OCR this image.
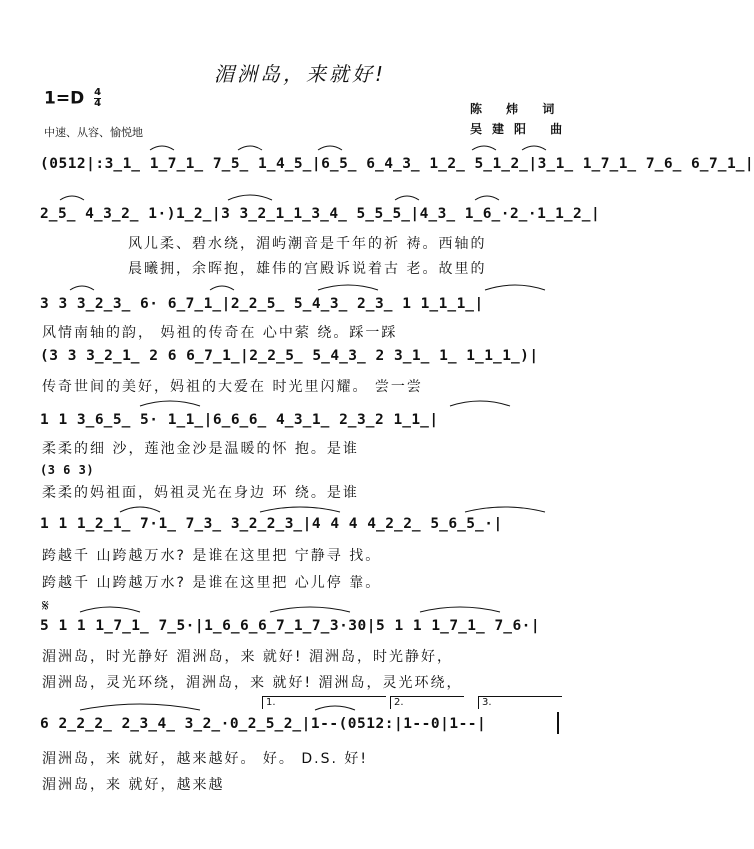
湄洲岛，来就好!
$1=D \frac{4}{4}$
中速、从容、愉悦地
陈 炜 词
吴建阳 曲
(0512|:3̲1̲ 1̲7̲1̲ 7̲5̲ 1̲4̲5̲|6̲5̲ 6̲4̲3̲ 1̲2̲ 5̲1̲2̲|3̲1̲ 1̲7̲1̲ 7̲6̲ 6̲7̲1̲|
2̲5̲ 4̲3̲2̲ 1·)1̲2̲|3 3̲2̲1̲1̲3̲4̲ 5̲5̲5̲|4̲3̲ 1̲6̲·2̲·1̲1̲2̲|
风儿柔、碧水绕，湄屿潮音是千年的祈 祷。西轴的
晨曦拥，余晖抱，雄伟的宫殿诉说着古 老。故里的
3 3 3̲2̲3̲ 6· 6̲7̲1̲|2̲2̲5̲ 5̲4̲3̲ 2̲3̲ 1 1̲1̲1̲|
风情南轴的韵， 妈祖的传奇在 心中萦 绕。踩一踩
(3 3 3̲2̲1̲ 2 6 6̲7̲1̲|2̲2̲5̲ 5̲4̲3̲ 2 3̲1̲ 1̲ 1̲1̲1̲)|
传奇世间的美好，妈祖的大爱在 时光里闪耀。 尝一尝
1 1 3̲6̲5̲ 5· 1̲1̲|6̲6̲6̲ 4̲3̲1̲ 2̲3̲2 1̲1̲|
柔柔的细 沙，莲池金沙是温暖的怀 抱。是谁
(3 6 3)
柔柔的妈祖面，妈祖灵光在身边 环 绕。是谁
1 1 1̲2̲1̲ 7·1̲ 7̲3̲ 3̲2̲2̲3̲|4 4 4 4̲2̲2̲ 5̲6̲5̲·|
跨越千 山跨越万水? 是谁在这里把 宁静寻 找。
跨越千 山跨越万水? 是谁在这里把 心儿停 靠。
𝄋
5 1 1 1̲7̲1̲ 7̲5·|1̲6̲6̲6̲7̲1̲7̲3·30|5 1 1 1̲7̲1̲ 7̲6·|
湄洲岛，时光静好 湄洲岛，来 就好! 湄洲岛，时光静好，
湄洲岛，灵光环绕，湄洲岛，来 就好! 湄洲岛，灵光环绕，
1.	2.	3.
6 2̲2̲2̲ 2̲3̲4̲ 3̲2̲·0̲2̲5̲2̲|1--(0512:|1--0|1--|
湄洲岛，来 就好，越来越好。 好。 D.S. 好!
湄洲岛，来 就好，越来越
